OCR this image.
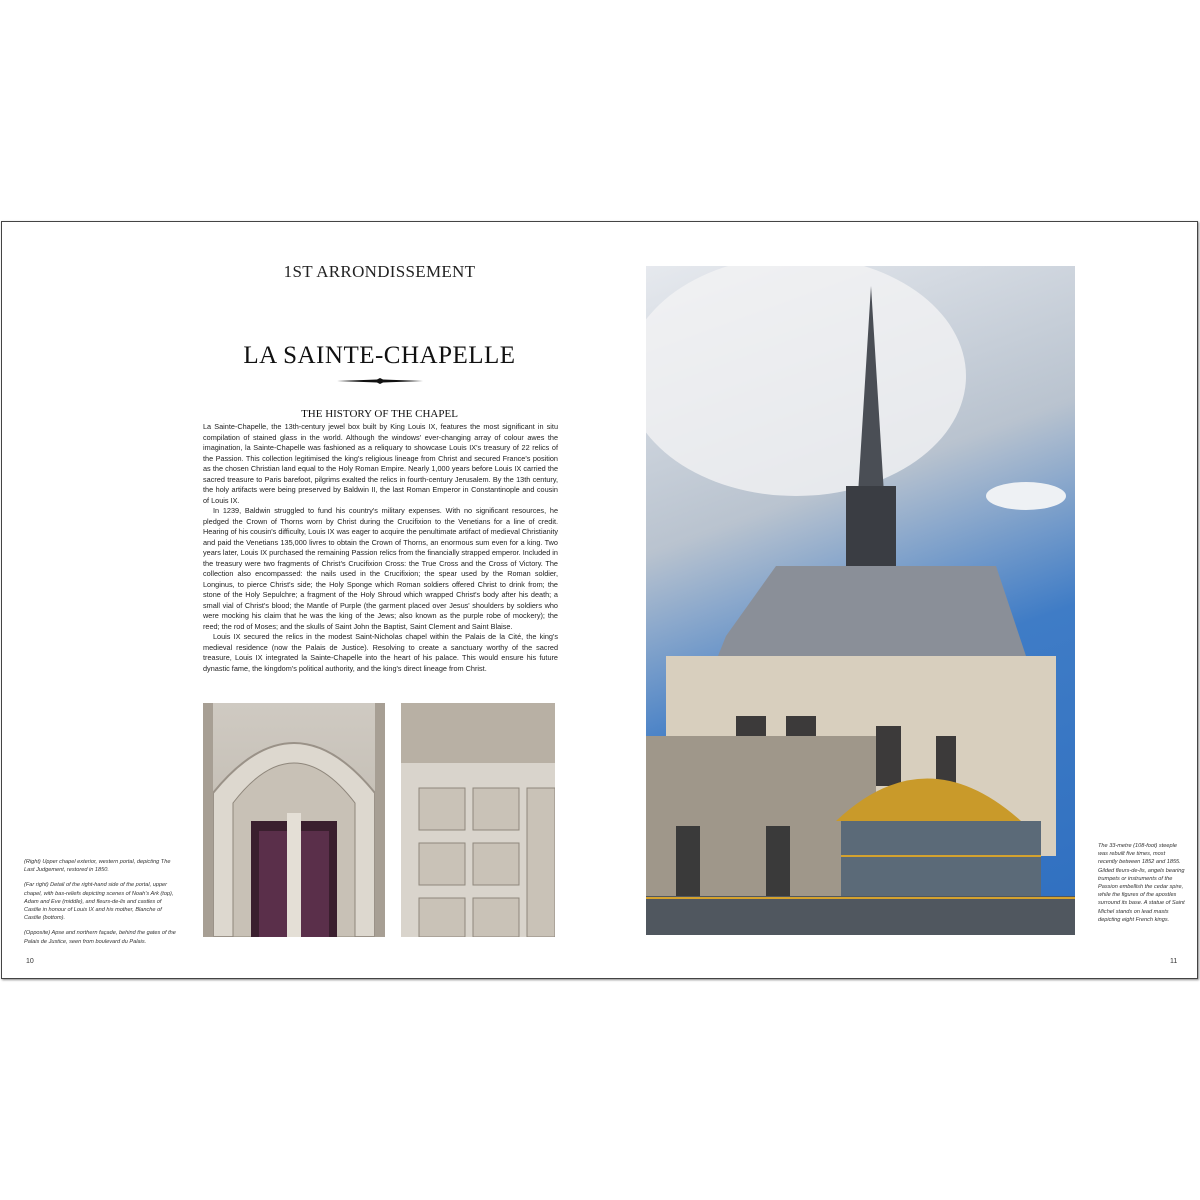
1ST ARRONDISSEMENT
LA SAINTE-CHAPELLE
THE HISTORY OF THE CHAPEL

La Sainte-Chapelle, the 13th-century jewel box built by King Louis IX, features the most significant in situ compilation of stained glass in the world. Although the windows' ever-changing array of colour awes the imagination, la Sainte-Chapelle was fashioned as a reliquary to showcase Louis IX's treasury of 22 relics of the Passion. This collection legitimised the king's religious lineage from Christ and secured France's position as the chosen Christian land equal to the Holy Roman Empire. Nearly 1,000 years before Louis IX carried the sacred treasure to Paris barefoot, pilgrims exalted the relics in fourth-century Jerusalem. By the 13th century, the holy artifacts were being preserved by Baldwin II, the last Roman Emperor in Constantinople and cousin of Louis IX.

In 1239, Baldwin struggled to fund his country's military expenses. With no significant resources, he pledged the Crown of Thorns worn by Christ during the Crucifixion to the Venetians for a line of credit. Hearing of his cousin's difficulty, Louis IX was eager to acquire the penultimate artifact of medieval Christianity and paid the Venetians 135,000 livres to obtain the Crown of Thorns, an enormous sum even for a king. Two years later, Louis IX purchased the remaining Passion relics from the financially strapped emperor. Included in the treasury were two fragments of Christ's Crucifixion Cross: the True Cross and the Cross of Victory. The collection also encompassed: the nails used in the Crucifixion; the spear used by the Roman soldier, Longinus, to pierce Christ's side; the Holy Sponge which Roman soldiers offered Christ to drink from; the stone of the Holy Sepulchre; a fragment of the Holy Shroud which wrapped Christ's body after his death; a small vial of Christ's blood; the Mantle of Purple (the garment placed over Jesus' shoulders by soldiers who were mocking his claim that he was the king of the Jews; also known as the purple robe of mockery); the reed; the rod of Moses; and the skulls of Saint John the Baptist, Saint Clement and Saint Blaise.

Louis IX secured the relics in the modest Saint-Nicholas chapel within the Palais de la Cité, the king's medieval residence (now the Palais de Justice). Resolving to create a sanctuary worthy of the sacred treasure, Louis IX integrated la Sainte-Chapelle into the heart of his palace. This would ensure his future dynastic fame, the kingdom's political authority, and the king's direct lineage from Christ.

(Right) Upper chapel exterior, western portal, depicting The Last Judgement, restored in 1850.

(Far right) Detail of the right-hand side of the portal, upper chapel, with bas-reliefs depicting scenes of Noah's Ark (top), Adam and Eve (middle), and fleurs-de-lis and castles of Castile in honour of Louis IX and his mother, Blanche of Castile (bottom).

(Opposite) Apse and northern façade, behind the gates of the Palais de Justice, seen from boulevard du Palais.

10
The 33-metre (108-foot) steeple was rebuilt five times, most recently between 1852 and 1855. Gilded fleurs-de-lis, angels bearing trumpets or instruments of the Passion embellish the cedar spire, while the figures of the apostles surround its base. A statue of Saint Michel stands on lead masts depicting eight French kings.
11
